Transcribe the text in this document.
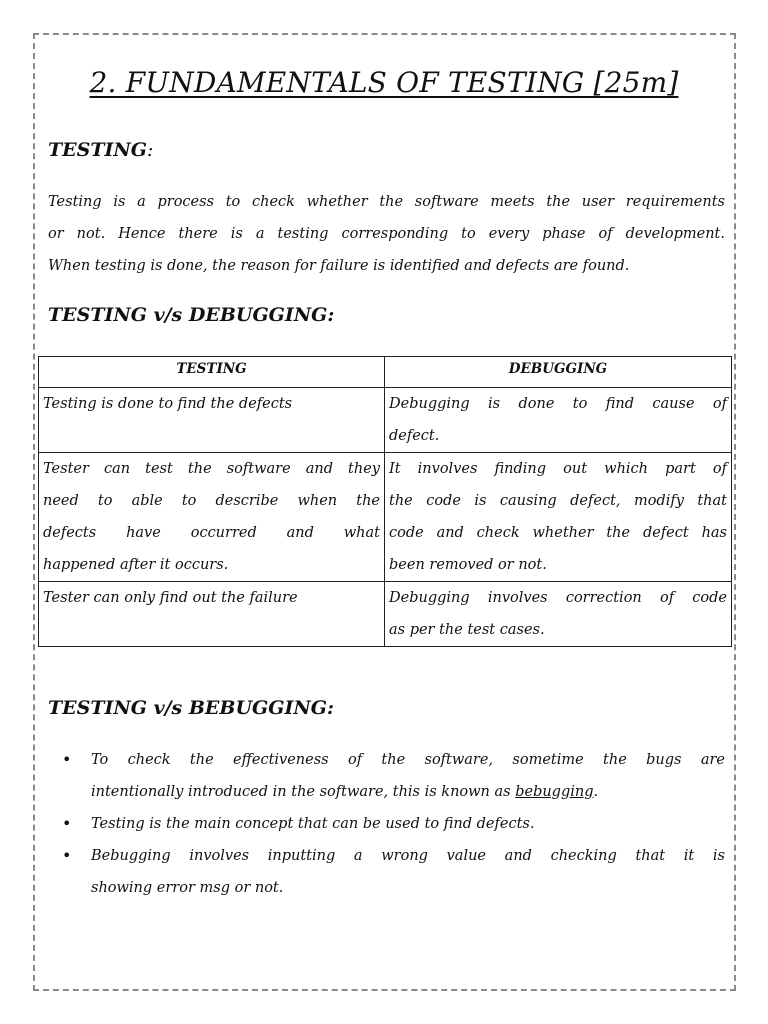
2. FUNDAMENTALS OF TESTING [25m]
TESTING:
Testing is a process to check whether the software meets the user requirements
or not. Hence there is a testing corresponding to every phase of development.
When testing is done, the reason for failure is identified and defects are found.
TESTING v/s DEBUGGING:
TESTING	DEBUGGING

Testing is done to find the defects	Debugging is done to find cause of
defect.

Tester can test the software and they
need to able to describe when the
defects have occurred and what
happened after it occurs.	It involves finding out which part of
the code is causing defect, modify that
code and check whether the defect has
been removed or not.

Tester can only find out the failure	Debugging involves correction of code
as per the test cases.
TESTING v/s BEBUGGING:
• To check the effectiveness of the software, sometime the bugs are
intentionally introduced in the software, this is known as bebugging.
• Testing is the main concept that can be used to find defects.
• Bebugging involves inputting a wrong value and checking that it is
showing error msg or not.
